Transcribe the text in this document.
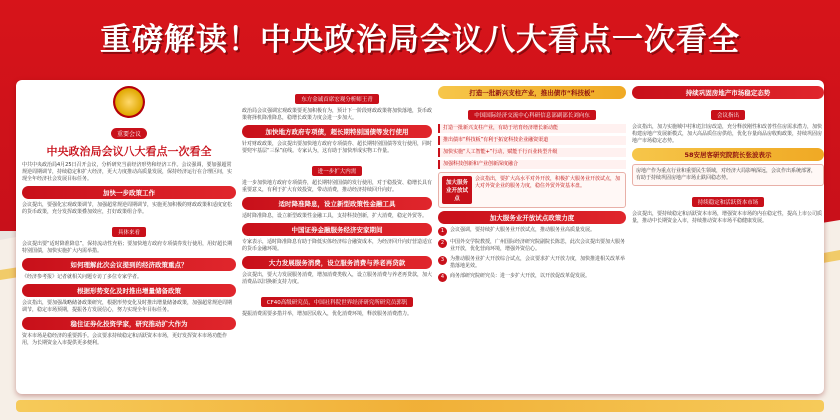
重磅解读！中央政治局会议八大看点一次看全
重要会议
中央政治局会议八大看点一次看全
中共中央政治局4月25日召开会议，分析研究当前经济形势和经济工作。会议强调，要加强超常规逆周期调节，持续稳定和扩大经济，更大力度推动高质量发展，保持经济运行在合理区间，实现全年经济社会发展目标任务。
加快一步政策工作
会议提出，要强化宏观政策调节，加强超常规逆周期调节，实施更加积极的财政政策和适度宽松的货币政策，充分发挥政策叠加效应，打好政策组合拳。
具体来看
会议提出要“适时降准降息”，保持流动性充裕；要加快地方政府专项债券发行使用，用好超长期特别国债，加快实施扩大内需举措。
如何理解此次会议提到的经济政策重点？
《经济参考报》记者就相关问题专访了多位专家学者。
根据形势变化及时推出增量储备政策
会议指出，要加强战略储备政策研究，根据形势变化及时推出增量储备政策，加强超常规逆周期调节，稳定市场预期，提振各方发展信心，努力实现全年目标任务。
稳住证券化投资学家，研究推动扩大作为
资本市场是稳经济的重要抓手。会议要求持续稳定和活跃资本市场，更好发挥资本市场功能作用，为长期资金入市提供更多便利。
东方金诚首席宏观分析师王青
政治局会议强调宏观政策要更加积极有为，预计下一阶段财政政策将加快落地，货币政策将择机降准降息，稳增长政策力度会进一步加大。
加快地方政府专项债，超长期特别国债等发行使用
针对财政政策，会议提出要加快地方政府专项债券、超长期特别国债等发行使用，同时要兜牢基层“三保”底线。专家认为，这有助于加快形成实物工作量。
进一步扩大内需
进一步加快地方政府专项债券，超长期特别国债的发行使用，对于稳投资、稳增长具有重要意义，有利于扩大有效投资，带动消费，推动经济持续回升向好。
适时降准降息，设立新型政策性金融工具
适时降准降息，设立新型政策性金融工具，支持科技创新，扩大消费，稳定外贸等。
中国证券金融服务经济安家期间
专家表示，适时降准降息有助于降低实体经济综合融资成本，为经济回升向好营造适宜的货币金融环境。
大力发展服务消费，设立服务消费与养老再贷款
会议提出，要大力发展服务消费，增加消费类收入，设立服务消费与养老再贷款，加大消费品以旧换新支持力度。
CF40高级研究员，中国社科院世界经济研究所研究员郭钒
提振消费需要多措并举，增加居民收入，优化消费环境，释放服务消费潜力。
打造一批新兴支柱产业，推出债市“科技板”
中国国际经济交流中心科研信息部副部长刘向东
打造一批新兴支柱产业，有助于培育经济增长新动能
推出债市“科技板”有利于拓宽科技企业融资渠道
加快实施“人工智能+”行动，赋能千行百业转型升级
加强科技创新和产业创新深度融合
加大服务业开放试点
会议指出，要扩大高水平对外开放，积极扩大服务业开放试点，加大对外资企业的服务力度，稳住外贸外资基本盘。
加大服务业开放试点政策力度
1	会议强调，要持续扩大服务业开放试点，推动服务业高质量发展。
2	中国外交学院教授，广州国际经济研究院副院长陈思，此次会议提出要加大服务业开放，优化营商环境，增强外资信心。
3	为推动服务业扩大开放综合试点，会议要求扩大开放力度，加快推进相关改革举措落地见效。
4	商务部研究院研究员：进一步扩大开放，以开放促改革促发展。
持续巩固房地产市场稳定态势
会议指出
会议指出，加力实施城中村和危旧房改造，充分释放刚性和改善性住房需求潜力，加快构建房地产发展新模式，加大高品质住房供给，优化存量商品房收购政策，持续巩固房地产市场稳定态势。
58安居客研究院院长张波表示
房地产作为重点行业和重要民生领域，对经济大局影响深远，会议作出系统部署，有助于持续巩固房地产市场止跌回稳态势。
持续稳定和活跃资本市场
会议提出，要持续稳定和活跃资本市场，增强资本市场的内在稳定性，提高上市公司质量，推动中长期资金入市，持续推动资本市场平稳健康发展。
